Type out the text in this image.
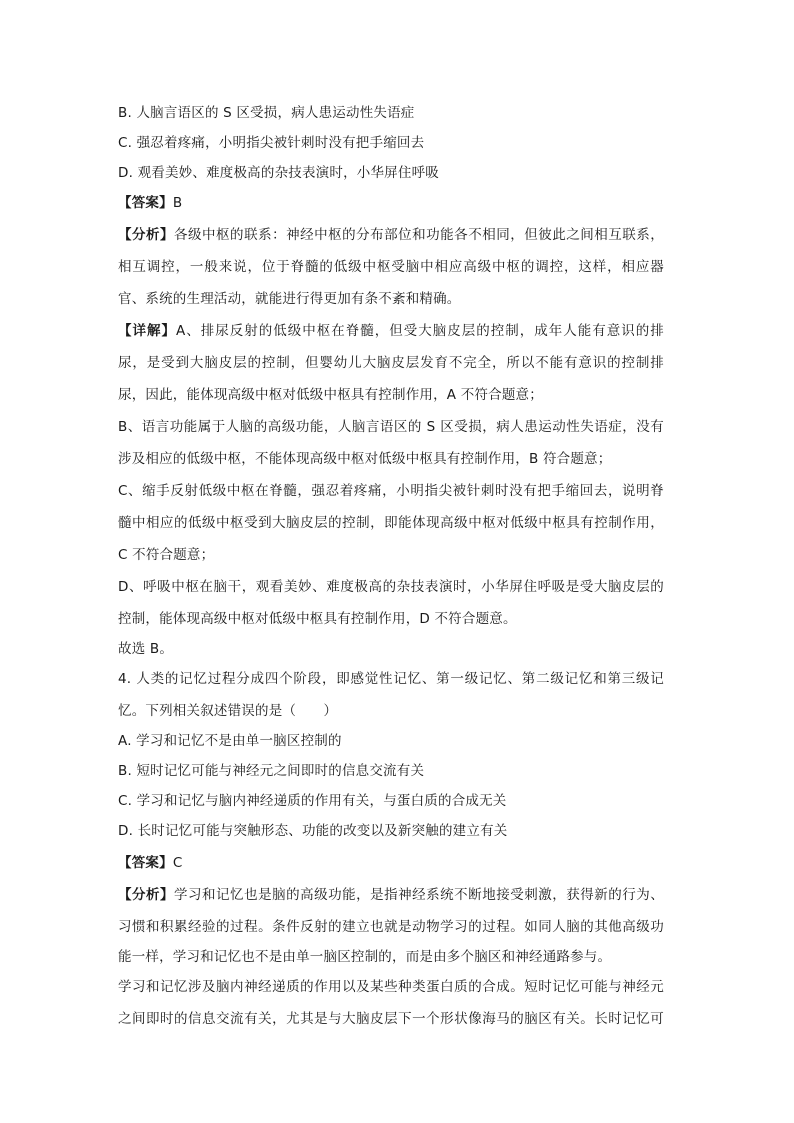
B. 人脑言语区的 S 区受损，病人患运动性失语症
C. 强忍着疼痛，小明指尖被针刺时没有把手缩回去
D. 观看美妙、难度极高的杂技表演时，小华屏住呼吸
【答案】B
【分析】各级中枢的联系：神经中枢的分布部位和功能各不相同，但彼此之间相互联系，
相互调控，一般来说，位于脊髓的低级中枢受脑中相应高级中枢的调控，这样，相应器
官、系统的生理活动，就能进行得更加有条不紊和精确。
【详解】A、排尿反射的低级中枢在脊髓，但受大脑皮层的控制，成年人能有意识的排
尿，是受到大脑皮层的控制，但婴幼儿大脑皮层发育不完全，所以不能有意识的控制排
尿，因此，能体现高级中枢对低级中枢具有控制作用，A 不符合题意；
B、语言功能属于人脑的高级功能，人脑言语区的 S 区受损，病人患运动性失语症，没有
涉及相应的低级中枢，不能体现高级中枢对低级中枢具有控制作用，B 符合题意；
C、缩手反射低级中枢在脊髓，强忍着疼痛，小明指尖被针刺时没有把手缩回去，说明脊
髓中相应的低级中枢受到大脑皮层的控制，即能体现高级中枢对低级中枢具有控制作用，
C 不符合题意；
D、呼吸中枢在脑干，观看美妙、难度极高的杂技表演时，小华屏住呼吸是受大脑皮层的
控制，能体现高级中枢对低级中枢具有控制作用，D 不符合题意。
故选 B。
4. 人类的记忆过程分成四个阶段，即感觉性记忆、第一级记忆、第二级记忆和第三级记
忆。下列相关叙述错误的是（　　）
A. 学习和记忆不是由单一脑区控制的
B. 短时记忆可能与神经元之间即时的信息交流有关
C. 学习和记忆与脑内神经递质的作用有关，与蛋白质的合成无关
D. 长时记忆可能与突触形态、功能的改变以及新突触的建立有关
【答案】C
【分析】学习和记忆也是脑的高级功能，是指神经系统不断地接受刺激，获得新的行为、
习惯和积累经验的过程。条件反射的建立也就是动物学习的过程。如同人脑的其他高级功
能一样，学习和记忆也不是由单一脑区控制的，而是由多个脑区和神经通路参与。
学习和记忆涉及脑内神经递质的作用以及某些种类蛋白质的合成。短时记忆可能与神经元
之间即时的信息交流有关，尤其是与大脑皮层下一个形状像海马的脑区有关。长时记忆可
